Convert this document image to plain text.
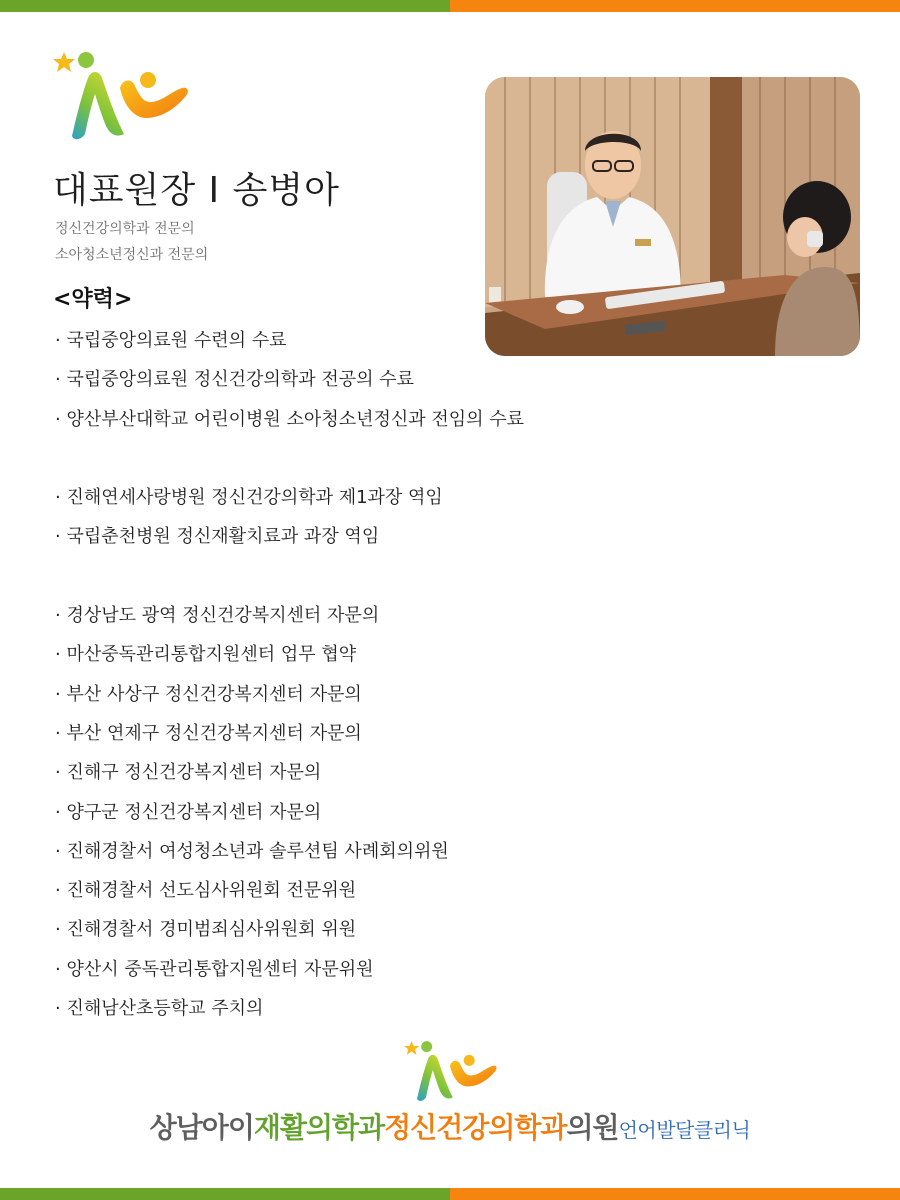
대표원장 I 송병아
정신건강의학과 전문의
소아청소년정신과 전문의
<약력>
· 국립중앙의료원 수련의 수료
· 국립중앙의료원 정신건강의학과 전공의 수료
· 양산부산대학교 어린이병원 소아청소년정신과 전임의 수료
· 진해연세사랑병원 정신건강의학과 제1과장 역임
· 국립춘천병원 정신재활치료과 과장 역임
· 경상남도 광역 정신건강복지센터 자문의
· 마산중독관리통합지원센터 업무 협약
· 부산 사상구 정신건강복지센터 자문의
· 부산 연제구 정신건강복지센터 자문의
· 진해구 정신건강복지센터 자문의
· 양구군 정신건강복지센터 자문의
· 진해경찰서 여성청소년과 솔루션팀 사례회의위원
· 진해경찰서 선도심사위원회 전문위원
· 진해경찰서 경미범죄심사위원회 위원
· 양산시 중독관리통합지원센터 자문위원
· 진해남산초등학교 주치의
상남아이재활의학과정신건강의학과의원언어발달클리닉
